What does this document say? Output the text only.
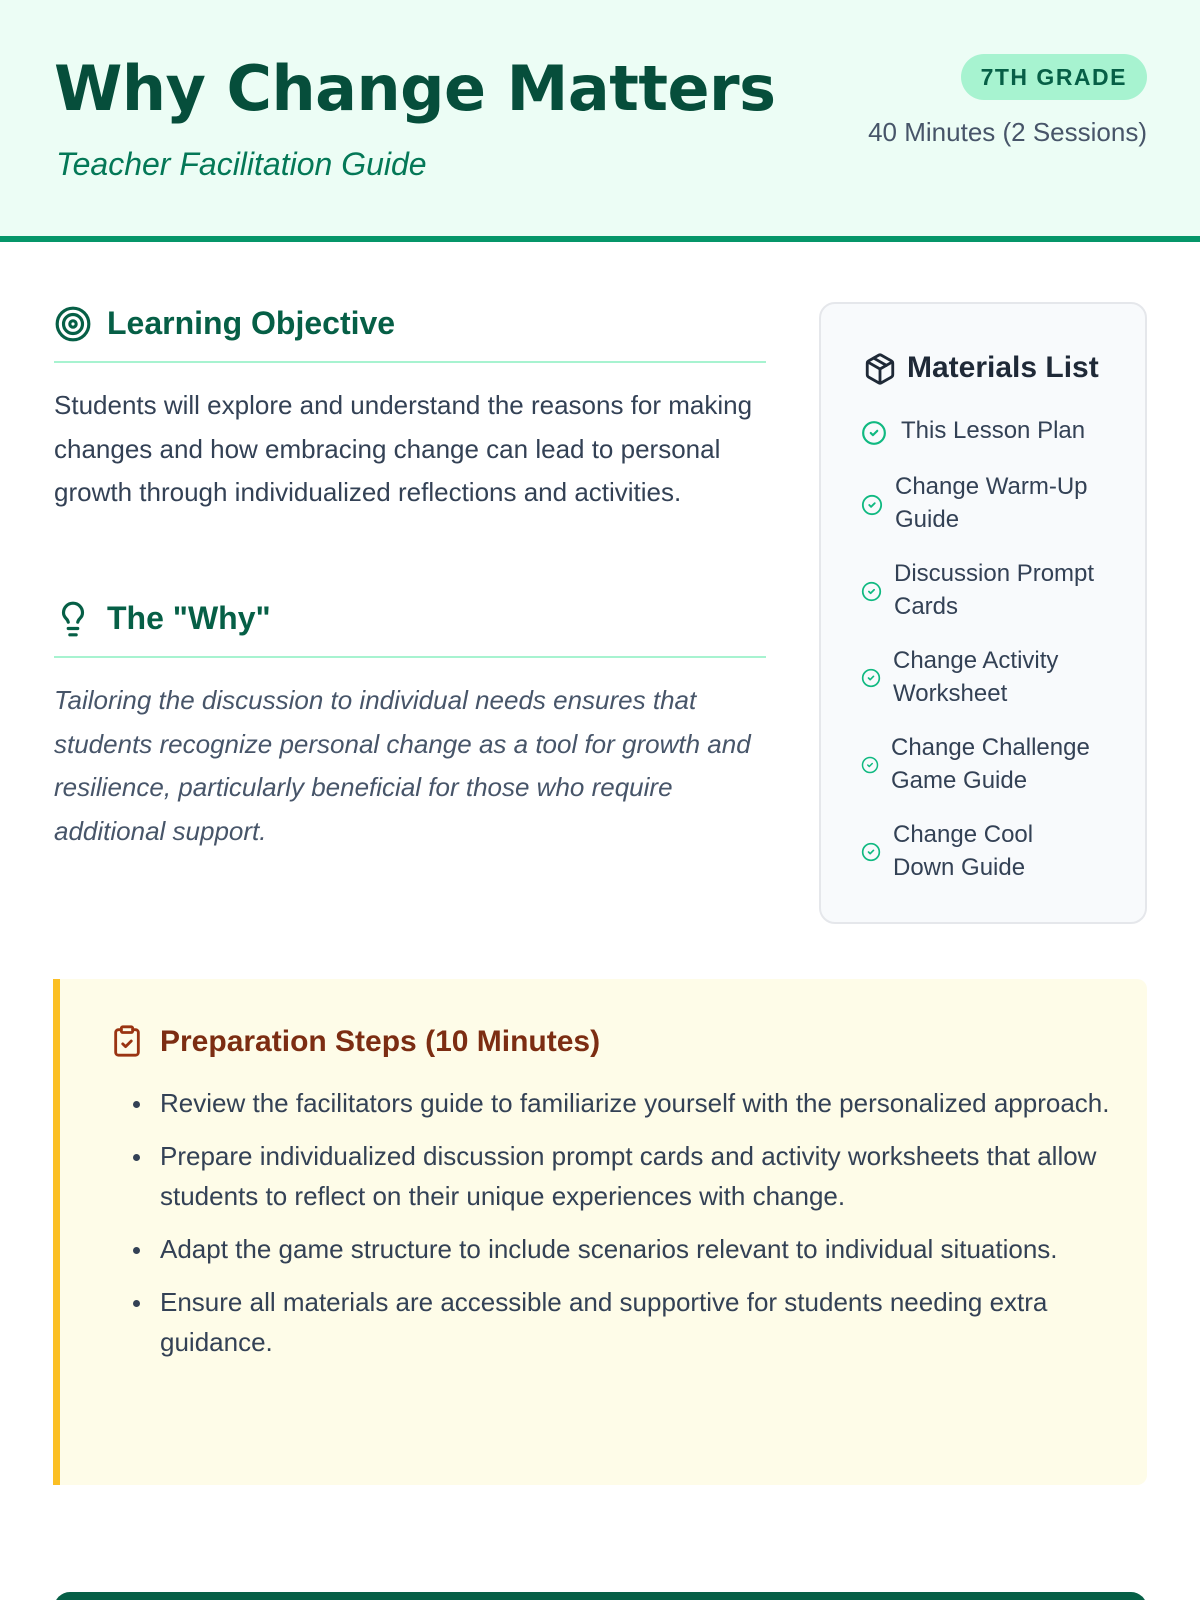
Why Change Matters
Teacher Facilitation Guide
7TH GRADE
40 Minutes (2 Sessions)
Learning Objective

Students will explore and understand the reasons for making changes and how embracing change can lead to personal growth through individualized reflections and activities.

The "Why"

Tailoring the discussion to individual needs ensures that students recognize personal change as a tool for growth and resilience, particularly beneficial for those who require additional support.

Materials List
This Lesson Plan
Change Warm-Up Guide
Discussion Prompt Cards
Change Activity Worksheet
Change Challenge Game Guide
Change Cool Down Guide
Preparation Steps (10 Minutes)
Review the facilitators guide to familiarize yourself with the personalized approach.
Prepare individualized discussion prompt cards and activity worksheets that allow students to reflect on their unique experiences with change.
Adapt the game structure to include scenarios relevant to individual situations.
Ensure all materials are accessible and supportive for students needing extra guidance.
